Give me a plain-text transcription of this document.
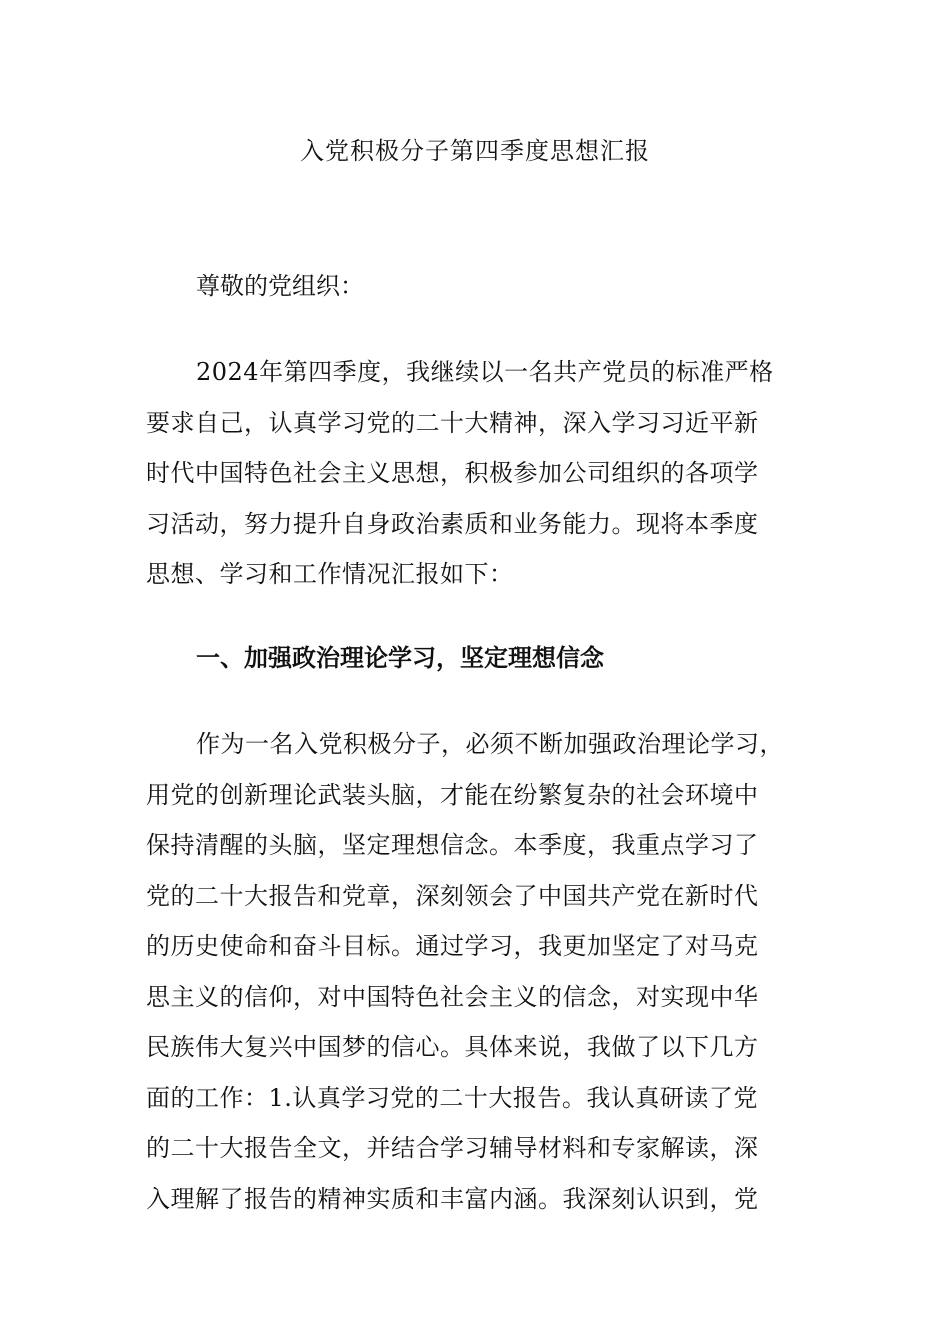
入党积极分子第四季度思想汇报
尊敬的党组织：
2024年第四季度，我继续以一名共产党员的标准严格
要求自己，认真学习党的二十大精神，深入学习习近平新
时代中国特色社会主义思想，积极参加公司组织的各项学
习活动，努力提升自身政治素质和业务能力。现将本季度
思想、学习和工作情况汇报如下：
一、加强政治理论学习，坚定理想信念
作为一名入党积极分子，必须不断加强政治理论学习，
用党的创新理论武装头脑，才能在纷繁复杂的社会环境中
保持清醒的头脑，坚定理想信念。本季度，我重点学习了
党的二十大报告和党章，深刻领会了中国共产党在新时代
的历史使命和奋斗目标。通过学习，我更加坚定了对马克
思主义的信仰，对中国特色社会主义的信念，对实现中华
民族伟大复兴中国梦的信心。具体来说，我做了以下几方
面的工作：1.认真学习党的二十大报告。我认真研读了党
的二十大报告全文，并结合学习辅导材料和专家解读，深
入理解了报告的精神实质和丰富内涵。我深刻认识到，党
